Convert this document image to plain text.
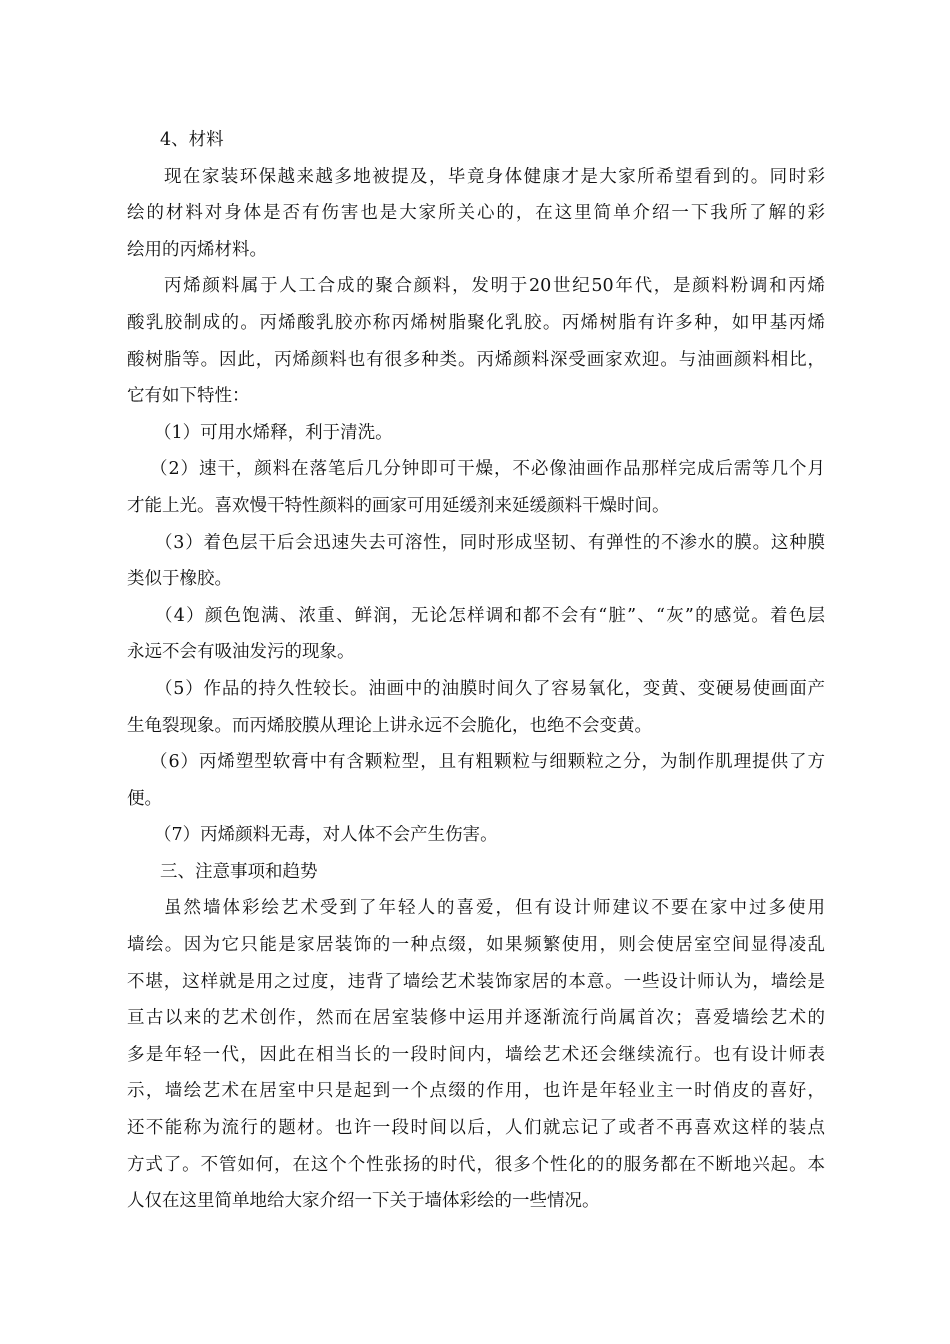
4、材料
现在家装环保越来越多地被提及，毕竟身体健康才是大家所希望看到的。同时彩
绘的材料对身体是否有伤害也是大家所关心的，在这里简单介绍一下我所了解的彩
绘用的丙烯材料。
丙烯颜料属于人工合成的聚合颜料，发明于20世纪50年代，是颜料粉调和丙烯
酸乳胶制成的。丙烯酸乳胶亦称丙烯树脂聚化乳胶。丙烯树脂有许多种，如甲基丙烯
酸树脂等。因此，丙烯颜料也有很多种类。丙烯颜料深受画家欢迎。与油画颜料相比，
它有如下特性：
（1）可用水烯释，利于清洗。
（2）速干，颜料在落笔后几分钟即可干燥，不必像油画作品那样完成后需等几个月
才能上光。喜欢慢干特性颜料的画家可用延缓剂来延缓颜料干燥时间。
（3）着色层干后会迅速失去可溶性，同时形成坚韧、有弹性的不渗水的膜。这种膜
类似于橡胶。
（4）颜色饱满、浓重、鲜润，无论怎样调和都不会有“脏”、“灰”的感觉。着色层
永远不会有吸油发污的现象。
（5）作品的持久性较长。油画中的油膜时间久了容易氧化，变黄、变硬易使画面产
生龟裂现象。而丙烯胶膜从理论上讲永远不会脆化，也绝不会变黄。
（6）丙烯塑型软膏中有含颗粒型，且有粗颗粒与细颗粒之分，为制作肌理提供了方
便。
（7）丙烯颜料无毒，对人体不会产生伤害。
三、注意事项和趋势
虽然墙体彩绘艺术受到了年轻人的喜爱，但有设计师建议不要在家中过多使用
墙绘。因为它只能是家居装饰的一种点缀，如果频繁使用，则会使居室空间显得凌乱
不堪，这样就是用之过度，违背了墙绘艺术装饰家居的本意。一些设计师认为，墙绘是
亘古以来的艺术创作，然而在居室装修中运用并逐渐流行尚属首次；喜爱墙绘艺术的
多是年轻一代，因此在相当长的一段时间内，墙绘艺术还会继续流行。也有设计师表
示，墙绘艺术在居室中只是起到一个点缀的作用，也许是年轻业主一时俏皮的喜好，
还不能称为流行的题材。也许一段时间以后，人们就忘记了或者不再喜欢这样的装点
方式了。不管如何，在这个个性张扬的时代，很多个性化的的服务都在不断地兴起。本
人仅在这里简单地给大家介绍一下关于墙体彩绘的一些情况。
